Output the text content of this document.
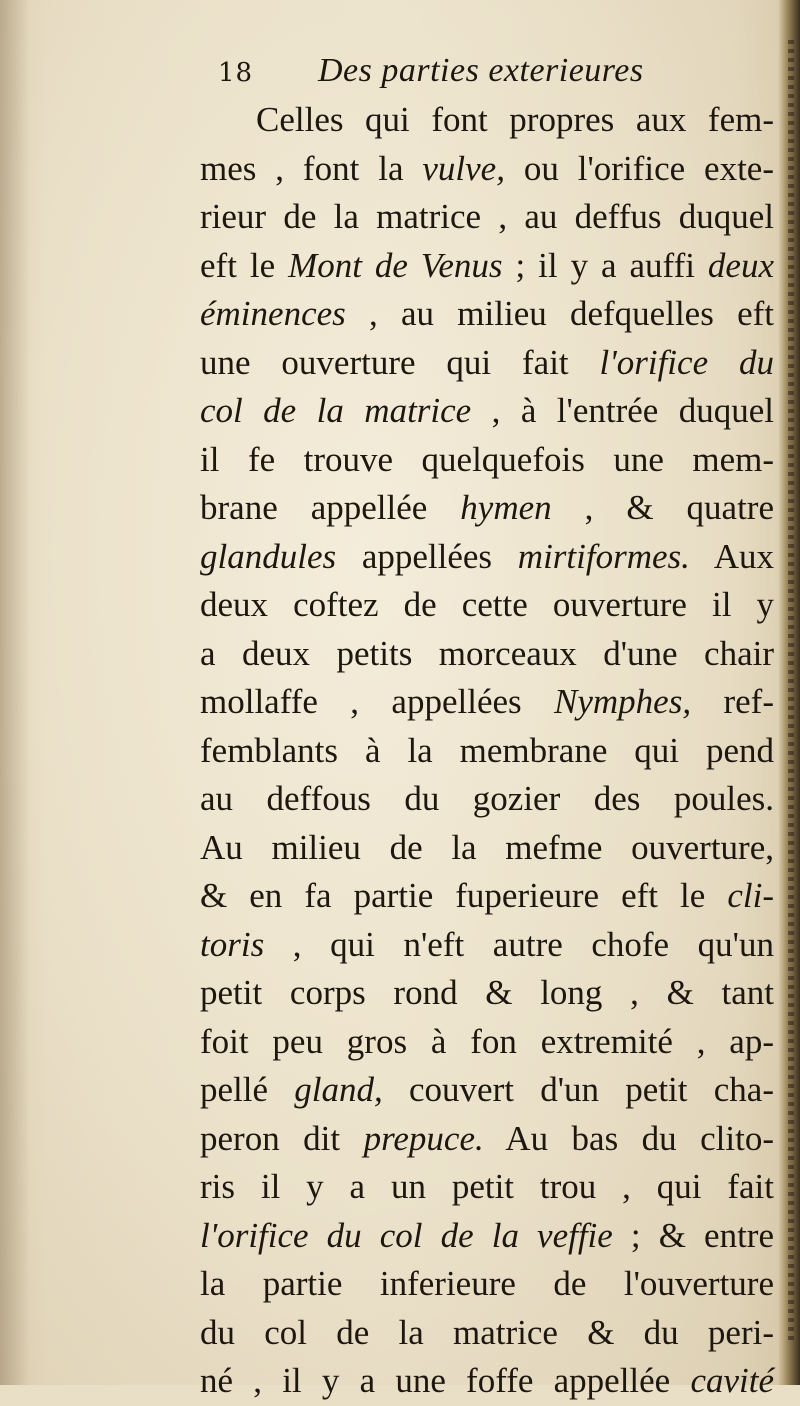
18 Des parties exterieures
Celles qui font propres aux fem-
mes , font la vulve, ou l'orifice exte-
rieur de la matrice , au deffus duquel
eft le Mont de Venus ; il y a auffi deux
éminences , au milieu defquelles eft
une ouverture qui fait l'orifice du
col de la matrice , à l'entrée duquel
il fe trouve quelquefois une mem-
brane appellée hymen , & quatre
glandules appellées mirtiformes. Aux
deux coftez de cette ouverture il y
a deux petits morceaux d'une chair
mollaffe , appellées Nymphes, ref-
femblants à la membrane qui pend
au deffous du gozier des poules.
Au milieu de la mefme ouverture,
& en fa partie fuperieure eft le cli-
toris , qui n'eft autre chofe qu'un
petit corps rond & long , & tant
foit peu gros à fon extremité , ap-
pellé gland, couvert d'un petit cha-
peron dit prepuce. Au bas du clito-
ris il y a un petit trou , qui fait
l'orifice du col de la veffie ; & entre
la partie inferieure de l'ouverture
du col de la matrice & du peri-
né , il y a une foffe appellée cavité
